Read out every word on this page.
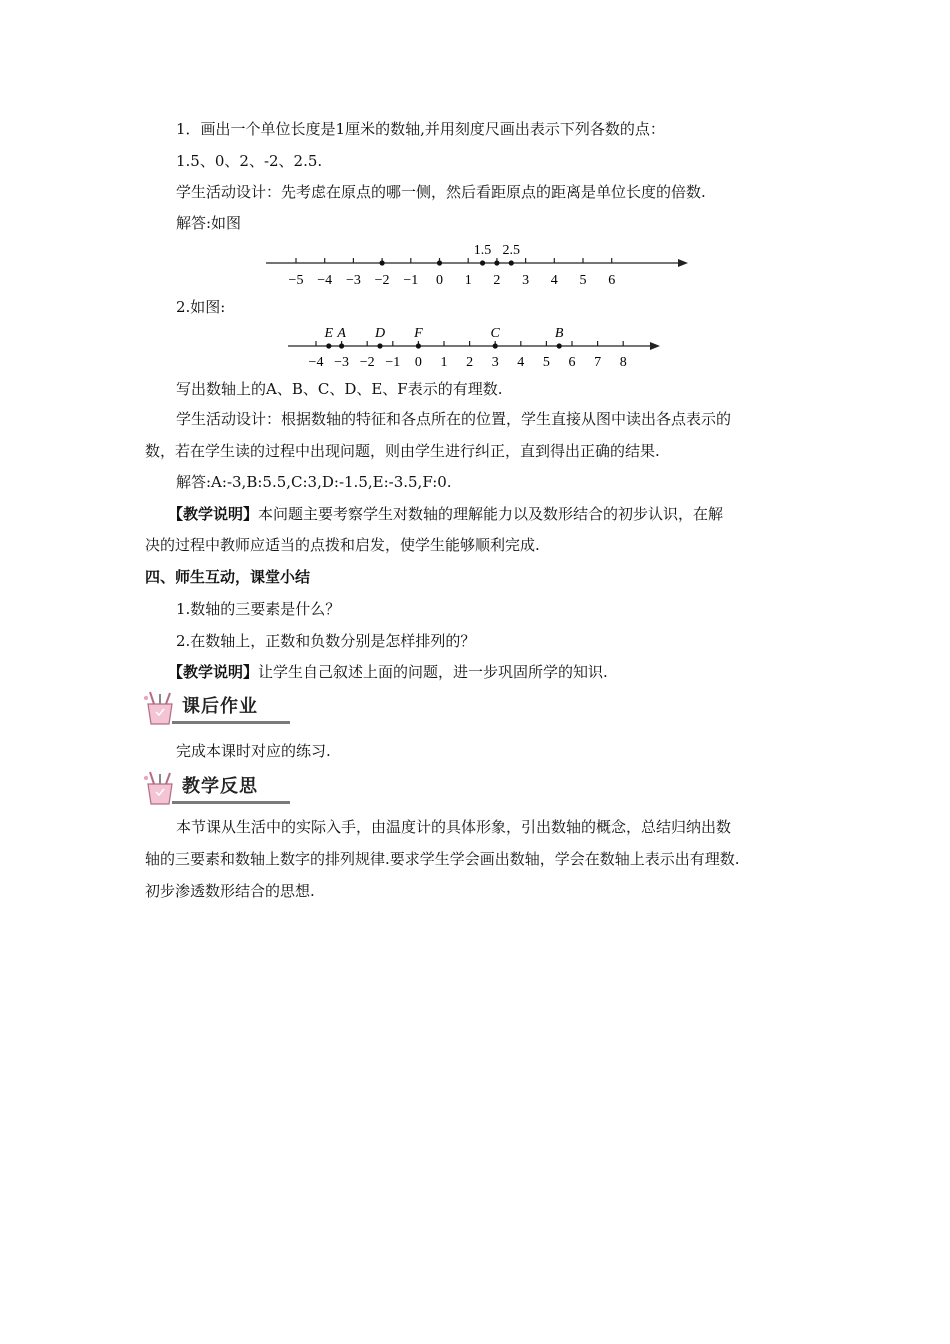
1．画出一个单位长度是1厘米的数轴,并用刻度尺画出表示下列各数的点：
1.5、0、2、-2、2.5.
学生活动设计：先考虑在原点的哪一侧，然后看距原点的距离是单位长度的倍数.
解答:如图
−5 −4 −3 −2 −1 0 1 2 3 4 5 6
1.5 2.5
2.如图:
−4 −3 −2 −1 0 1 2 3 4 5 6 7 8
E A D F	C	B
写出数轴上的A、B、C、D、E、F表示的有理数.
学生活动设计：根据数轴的特征和各点所在的位置，学生直接从图中读出各点表示的
数，若在学生读的过程中出现问题，则由学生进行纠正，直到得出正确的结果.
解答:A:-3,B:5.5,C:3,D:-1.5,E:-3.5,F:0.
【教学说明】本问题主要考察学生对数轴的理解能力以及数形结合的初步认识，在解
决的过程中教师应适当的点拨和启发，使学生能够顺利完成.
四、师生互动，课堂小结
1.数轴的三要素是什么？
2.在数轴上，正数和负数分别是怎样排列的？
【教学说明】让学生自己叙述上面的问题，进一步巩固所学的知识.
课后作业
完成本课时对应的练习.
教学反思
本节课从生活中的实际入手，由温度计的具体形象，引出数轴的概念，总结归纳出数
轴的三要素和数轴上数字的排列规律.要求学生学会画出数轴，学会在数轴上表示出有理数.
初步渗透数形结合的思想.
